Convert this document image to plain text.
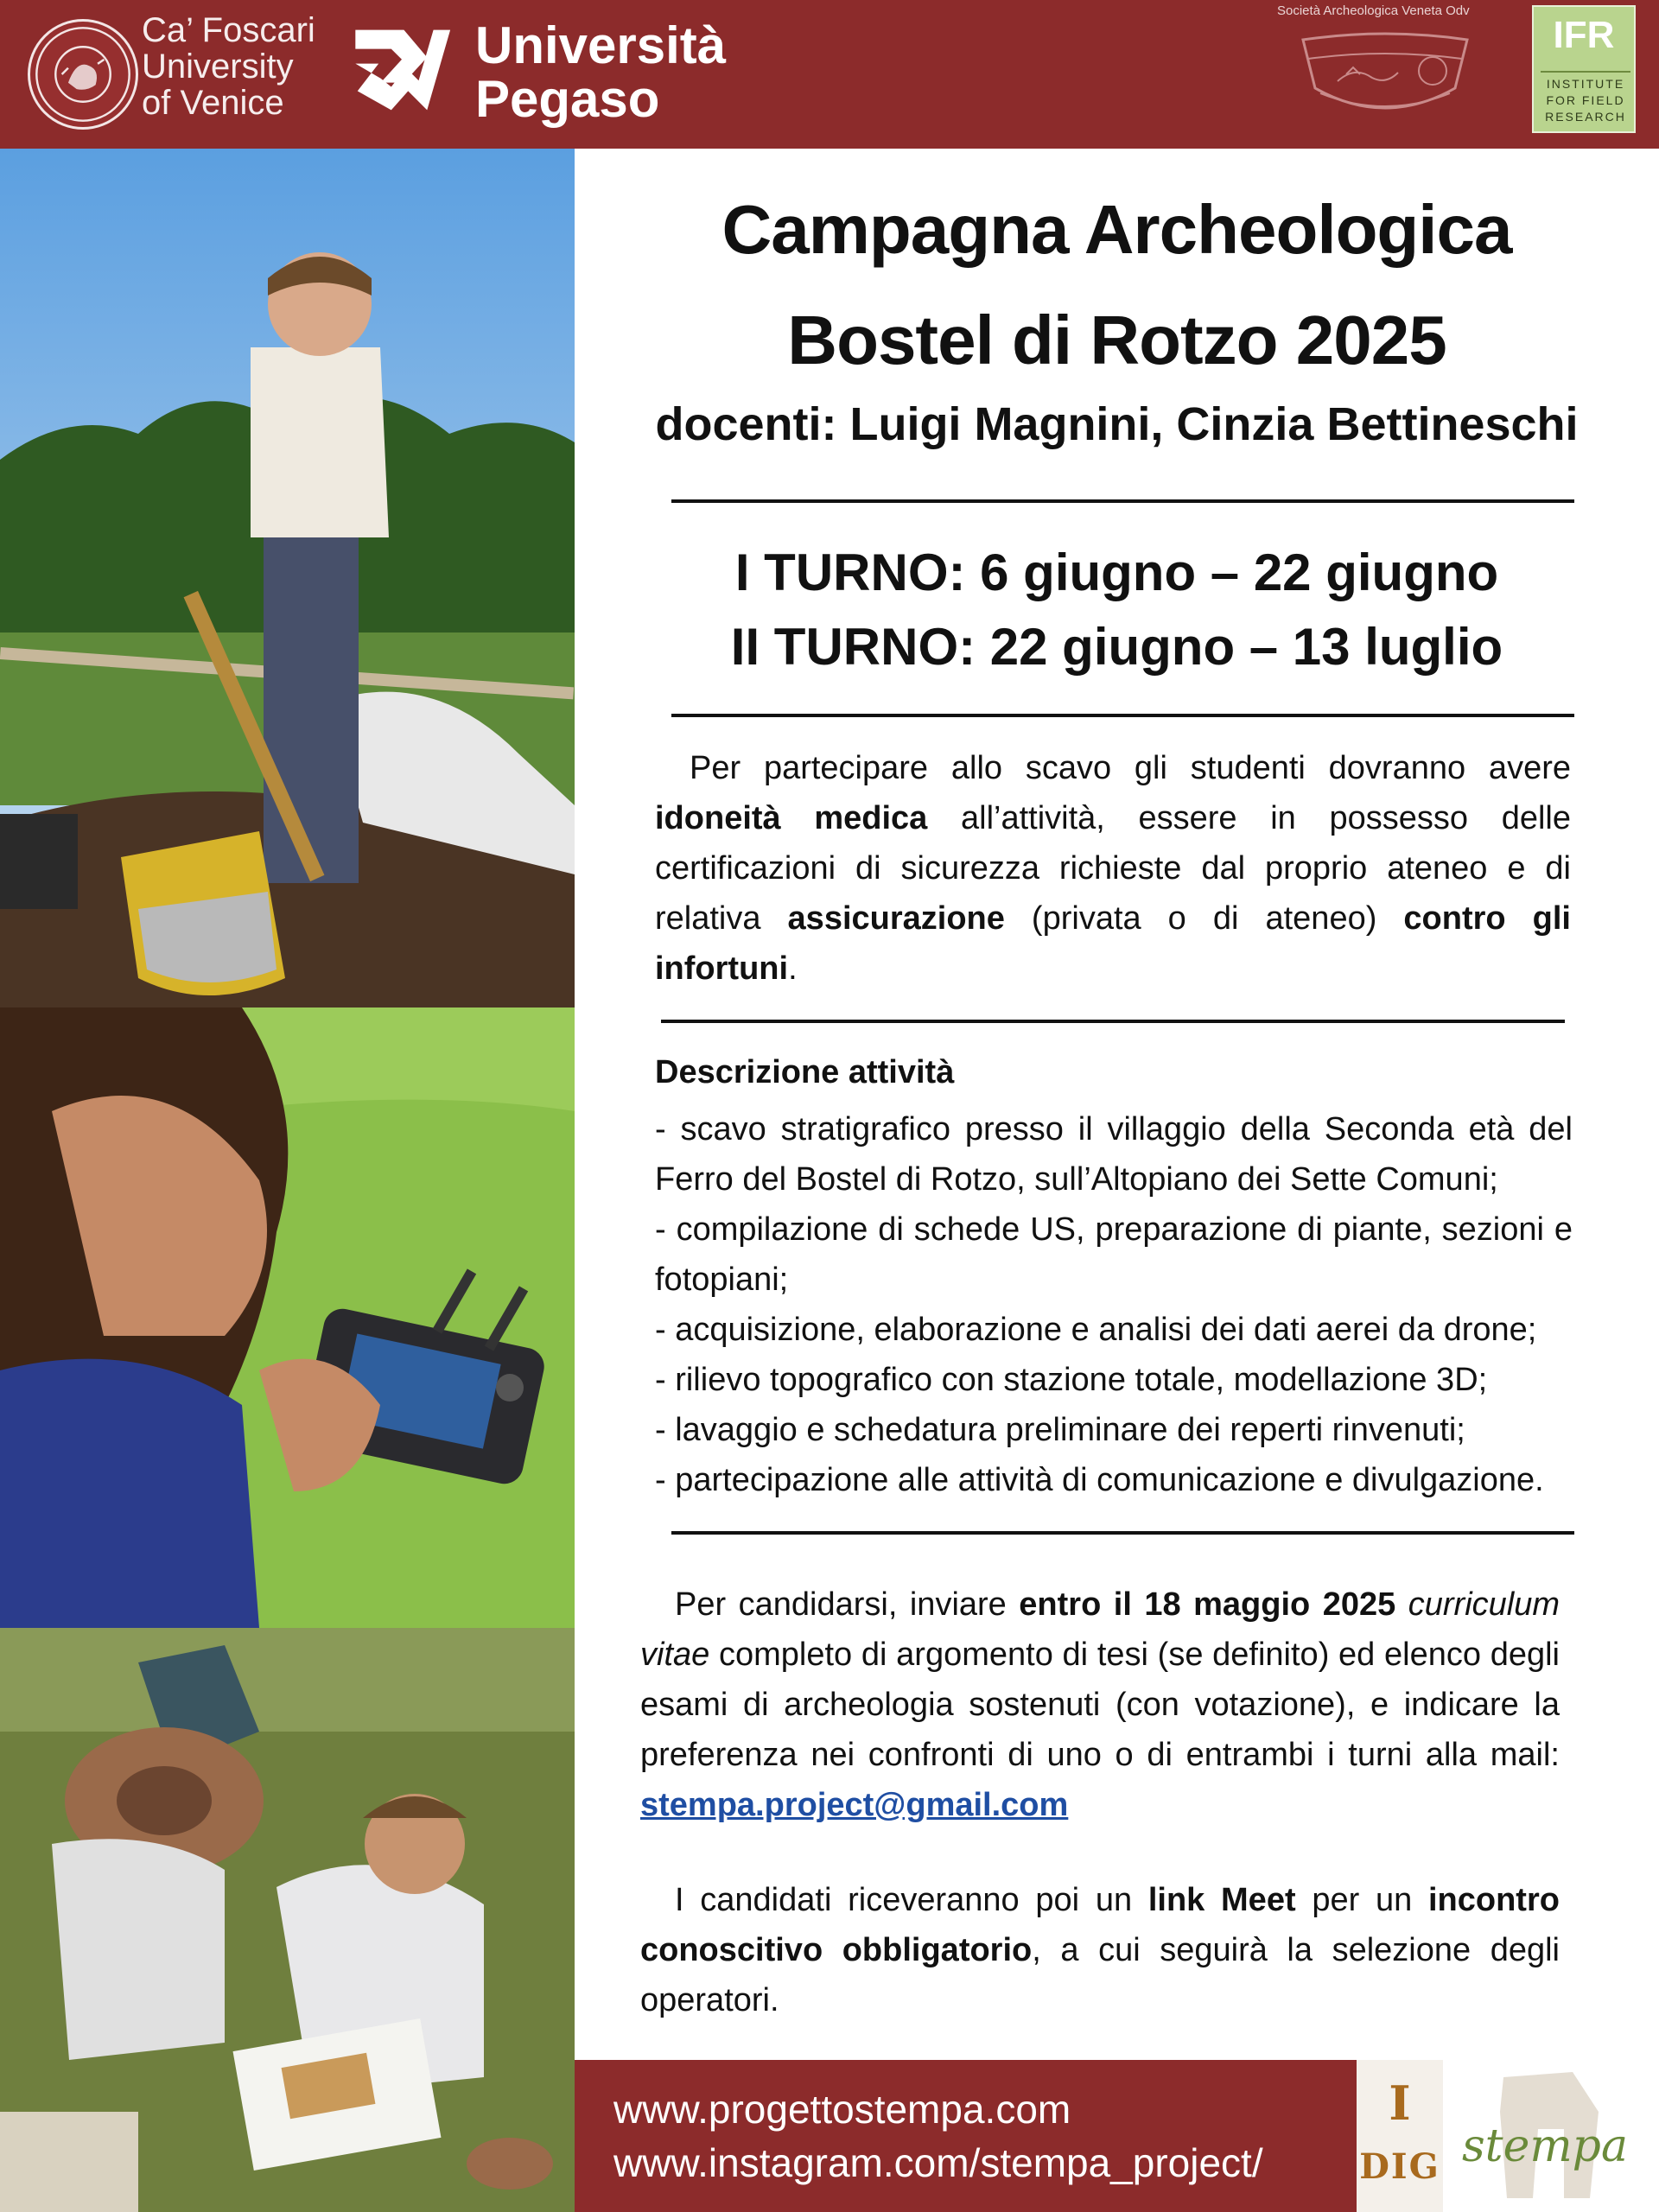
Ca’ Foscari
University
of Venice
Università
Pegaso
Società Archeologica Veneta Odv
IFR
INSTITUTE
FOR FIELD
RESEARCH
Campagna Archeologica
Bostel di Rotzo 2025
docenti: Luigi Magnini, Cinzia Bettineschi
I TURNO: 6 giugno – 22 giugno
II TURNO: 22 giugno – 13 luglio
Per partecipare allo scavo gli studenti dovranno avere idoneità medica all’attività, essere in possesso delle certificazioni di sicurezza richieste dal proprio ateneo e di relativa assicurazione (privata o di ateneo) contro gli infortuni.
Descrizione attività
- scavo stratigrafico presso il villaggio della Seconda età del Ferro del Bostel di Rotzo, sull’Altopiano dei Sette Comuni;
- compilazione di schede US, preparazione di piante, sezioni e fotopiani;
- acquisizione, elaborazione e analisi dei dati aerei da drone;
- rilievo topografico con stazione totale, modellazione 3D;
- lavaggio e schedatura preliminare dei reperti rinvenuti;
- partecipazione alle attività di comunicazione e divulgazione.
Per candidarsi, inviare entro il 18 maggio 2025 curriculum vitae completo di argomento di tesi (se definito) ed elenco degli esami di archeologia sostenuti (con votazione), e indicare la preferenza nei confronti di uno o di entrambi i turni alla mail: stempa.project@gmail.com
I candidati riceveranno poi un link Meet per un incontro conoscitivo obbligatorio, a cui seguirà la selezione degli operatori.
www.progettostempa.com
www.instagram.com/stempa_project/
I
DIG stempa
